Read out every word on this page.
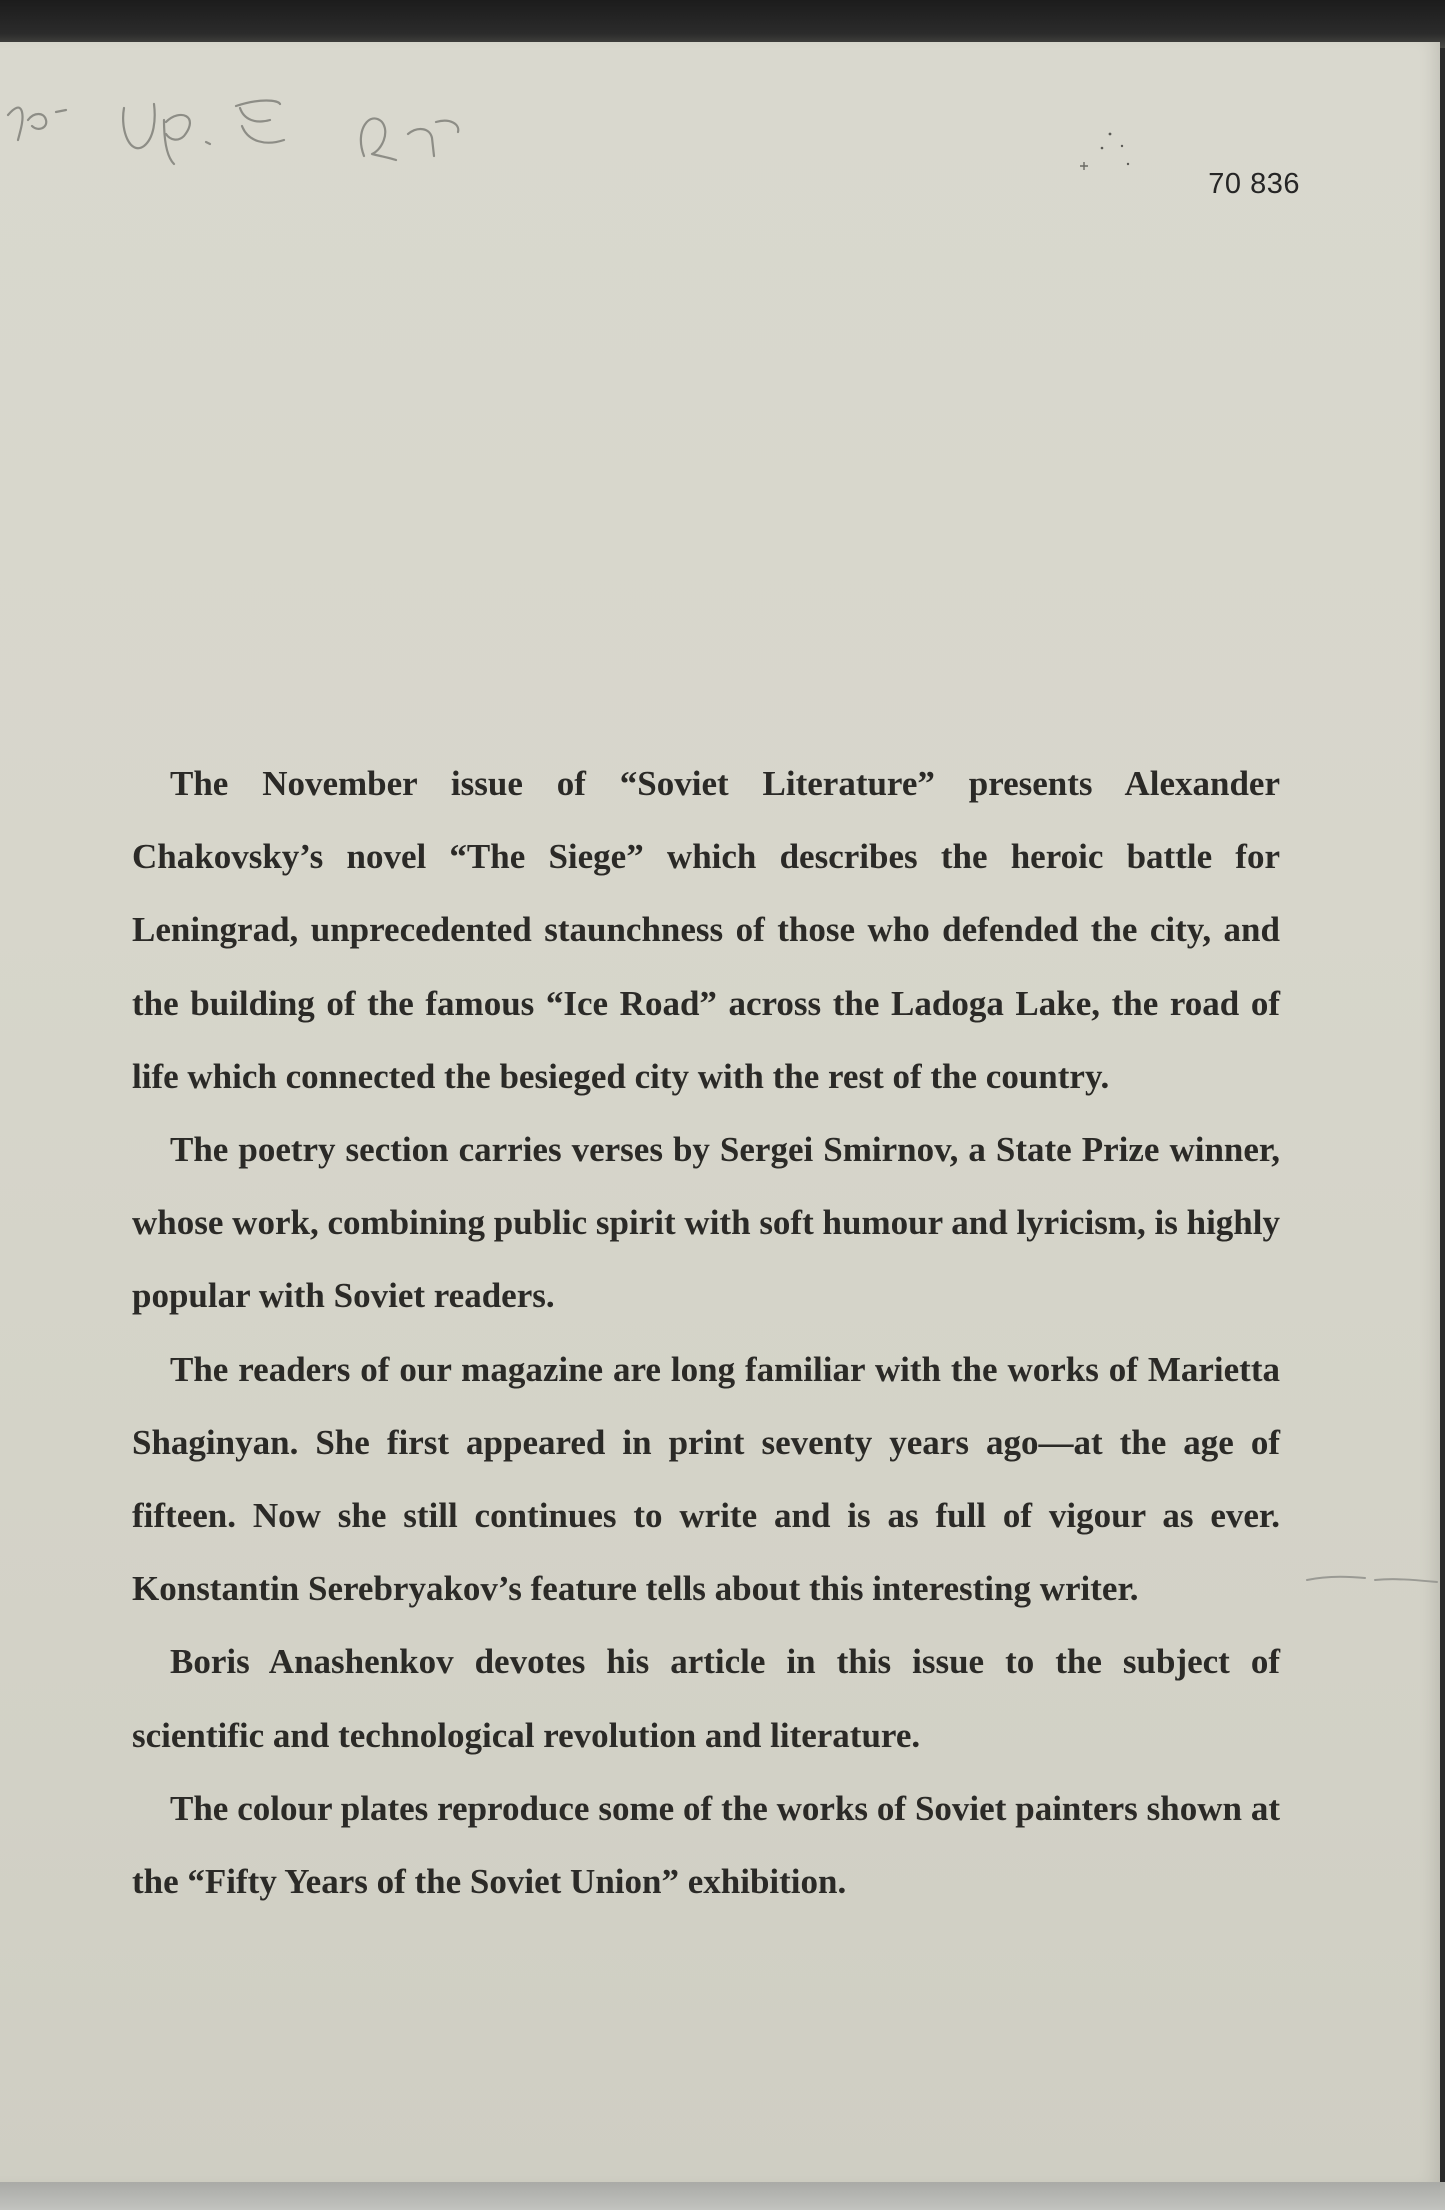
70 836

The November issue of “Soviet Literature” presents Alexander Chakovsky’s novel “The Siege” which describes the heroic battle for Leningrad, unprecedented staunchness of those who defended the city, and the building of the famous “Ice Road” across the Ladoga Lake, the road of life which connected the besieged city with the rest of the country.

The poetry section carries verses by Sergei Smirnov, a State Prize winner, whose work, combining public spirit with soft humour and lyricism, is highly popular with Soviet readers.

The readers of our magazine are long familiar with the works of Marietta Shaginyan. She first appeared in print seventy years ago—at the age of fifteen. Now she still continues to write and is as full of vigour as ever. Konstantin Serebryakov’s feature tells about this interesting writer.

Boris Anashenkov devotes his article in this issue to the subject of scientific and technological revolution and literature.

The colour plates reproduce some of the works of Soviet painters shown at the “Fifty Years of the Soviet Union” exhibition.
